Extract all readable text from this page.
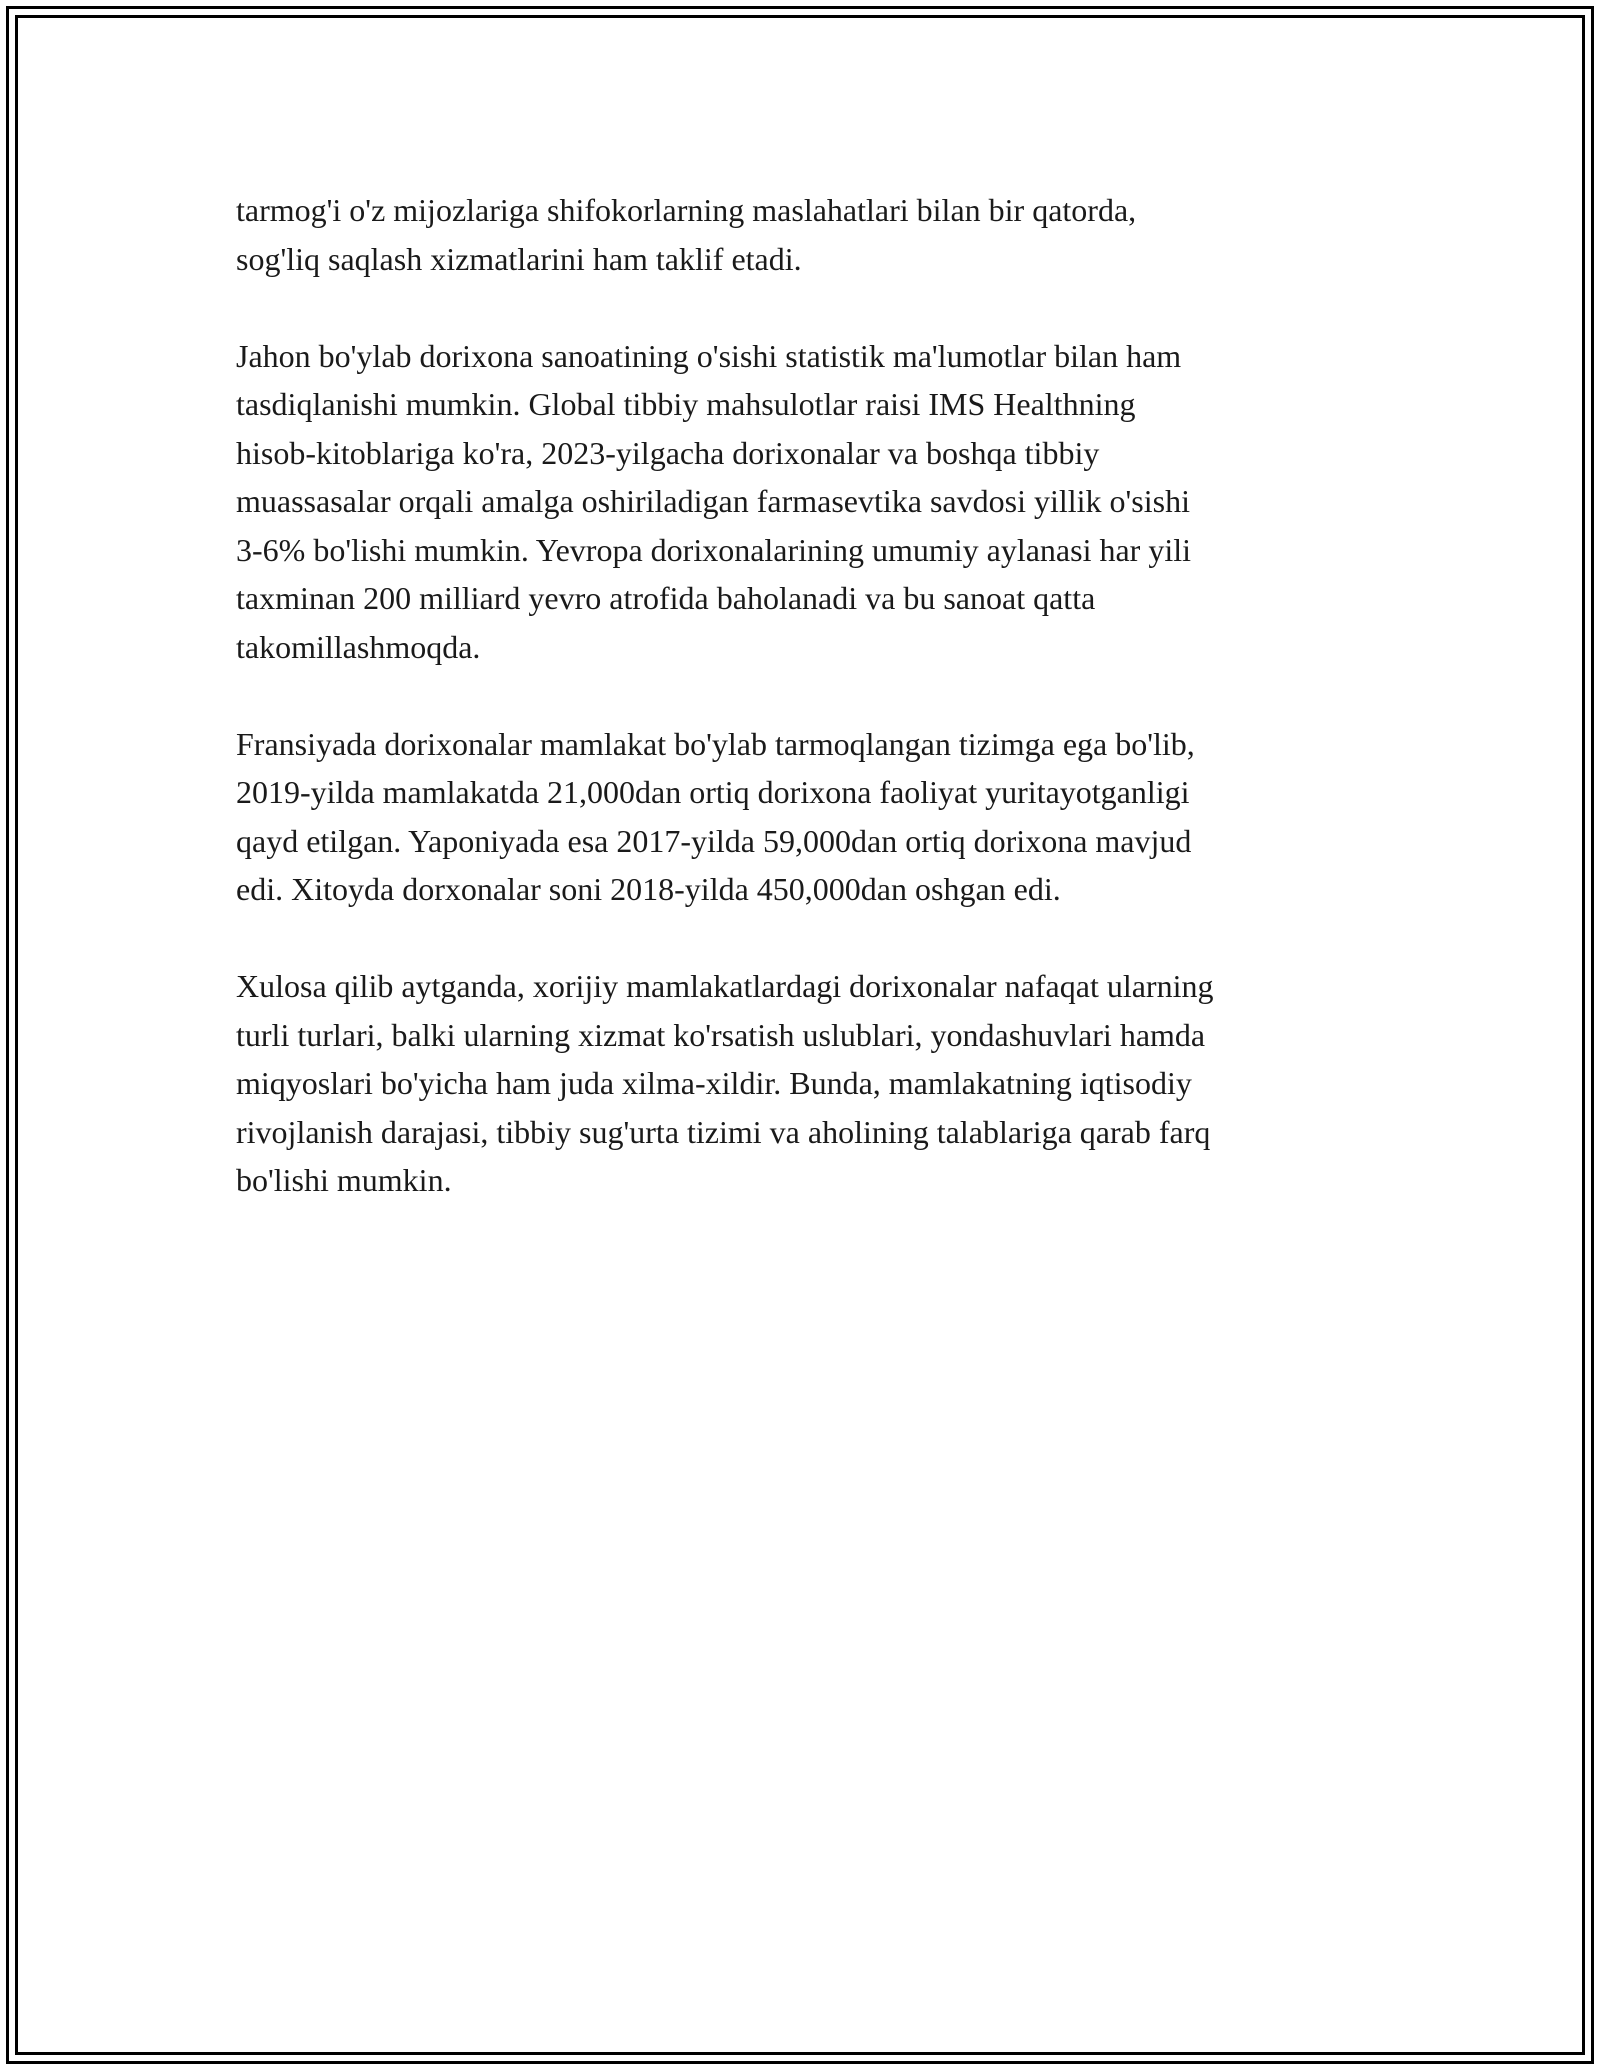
tarmog'i o'z mijozlariga shifokorlarning maslahatlari bilan bir qatorda,
sog'liq saqlash xizmatlarini ham taklif etadi.

Jahon bo'ylab dorixona sanoatining o'sishi statistik ma'lumotlar bilan ham
tasdiqlanishi mumkin. Global tibbiy mahsulotlar raisi IMS Healthning
hisob-kitoblariga ko'ra, 2023-yilgacha dorixonalar va boshqa tibbiy
muassasalar orqali amalga oshiriladigan farmasevtika savdosi yillik o'sishi
3-6% bo'lishi mumkin. Yevropa dorixonalarining umumiy aylanasi har yili
taxminan 200 milliard yevro atrofida baholanadi va bu sanoat qatta
takomillashmoqda.

Fransiyada dorixonalar mamlakat bo'ylab tarmoqlangan tizimga ega bo'lib,
2019-yilda mamlakatda 21,000dan ortiq dorixona faoliyat yuritayotganligi
qayd etilgan. Yaponiyada esa 2017-yilda 59,000dan ortiq dorixona mavjud
edi. Xitoyda dorxonalar soni 2018-yilda 450,000dan oshgan edi.

Xulosa qilib aytganda, xorijiy mamlakatlardagi dorixonalar nafaqat ularning
turli turlari, balki ularning xizmat ko'rsatish uslublari, yondashuvlari hamda
miqyoslari bo'yicha ham juda xilma-xildir. Bunda, mamlakatning iqtisodiy
rivojlanish darajasi, tibbiy sug'urta tizimi va aholining talablariga qarab farq
bo'lishi mumkin.
